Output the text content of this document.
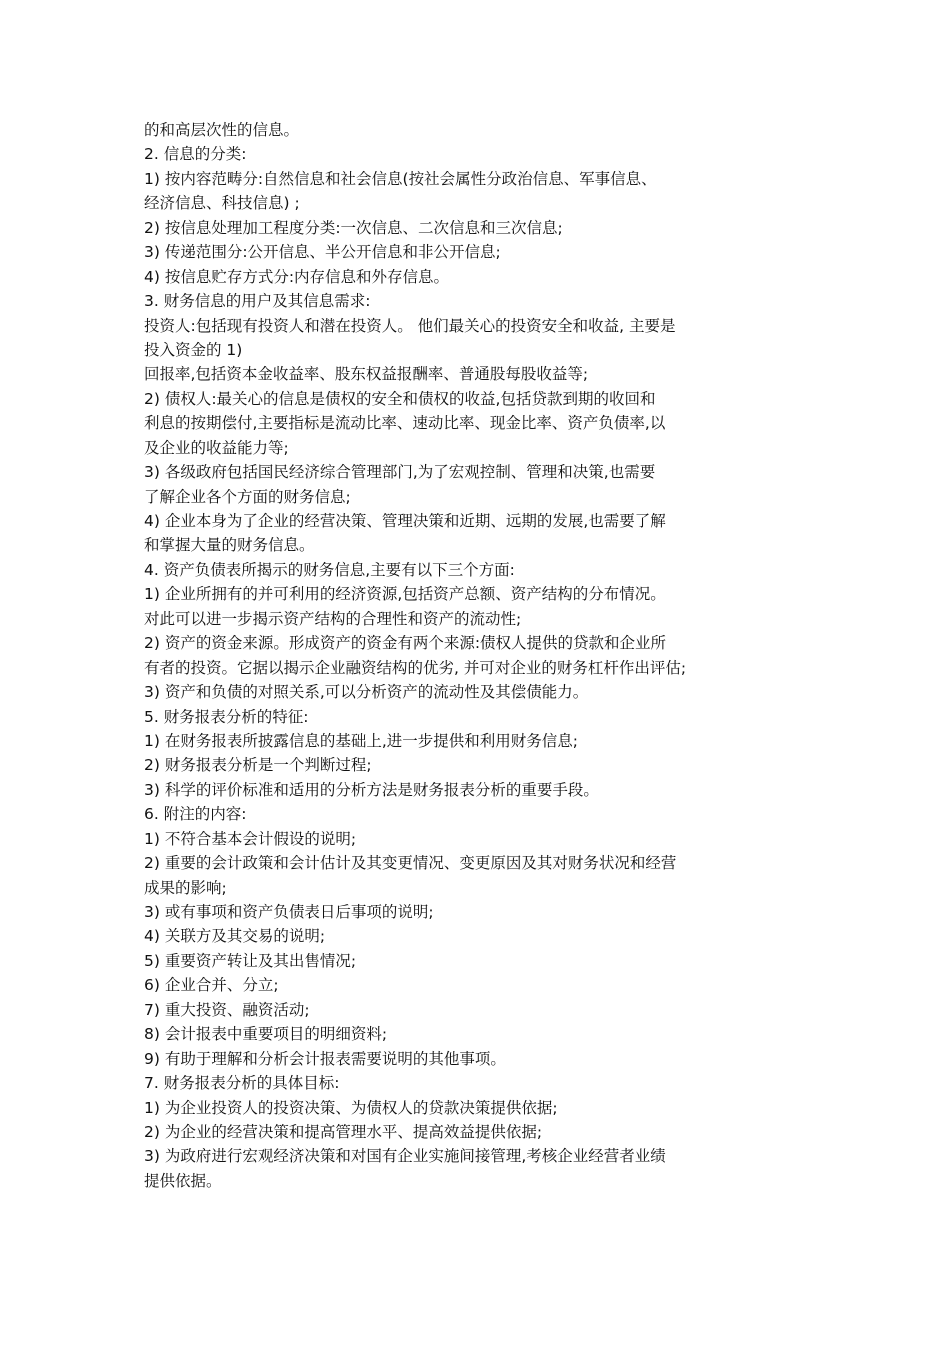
的和高层次性的信息。
2. 信息的分类:
1) 按内容范畴分:自然信息和社会信息(按社会属性分政治信息、军事信息、
经济信息、科技信息) ;
2) 按信息处理加工程度分类:一次信息、二次信息和三次信息;
3) 传递范围分:公开信息、半公开信息和非公开信息;
4) 按信息贮存方式分:内存信息和外存信息。
3. 财务信息的用户及其信息需求:
投资人:包括现有投资人和潜在投资人。 他们最关心的投资安全和收益, 主要是
投入资金的 1)
回报率,包括资本金收益率、股东权益报酬率、普通股每股收益等;
2) 债权人:最关心的信息是债权的安全和债权的收益,包括贷款到期的收回和
利息的按期偿付,主要指标是流动比率、速动比率、现金比率、资产负债率,以
及企业的收益能力等;
3) 各级政府包括国民经济综合管理部门,为了宏观控制、管理和决策,也需要
了解企业各个方面的财务信息;
4) 企业本身为了企业的经营决策、管理决策和近期、远期的发展,也需要了解
和掌握大量的财务信息。
4. 资产负债表所揭示的财务信息,主要有以下三个方面:
1) 企业所拥有的并可利用的经济资源,包括资产总额、资产结构的分布情况。
对此可以进一步揭示资产结构的合理性和资产的流动性;
2) 资产的资金来源。形成资产的资金有两个来源:债权人提供的贷款和企业所
有者的投资。它据以揭示企业融资结构的优劣, 并可对企业的财务杠杆作出评估;
3) 资产和负债的对照关系,可以分析资产的流动性及其偿债能力。
5. 财务报表分析的特征:
1) 在财务报表所披露信息的基础上,进一步提供和利用财务信息;
2) 财务报表分析是一个判断过程;
3) 科学的评价标准和适用的分析方法是财务报表分析的重要手段。
6. 附注的内容:
1) 不符合基本会计假设的说明;
2) 重要的会计政策和会计估计及其变更情况、变更原因及其对财务状况和经营
成果的影响;
3) 或有事项和资产负债表日后事项的说明;
4) 关联方及其交易的说明;
5) 重要资产转让及其出售情况;
6) 企业合并、分立;
7) 重大投资、融资活动;
8) 会计报表中重要项目的明细资料;
9) 有助于理解和分析会计报表需要说明的其他事项。
7. 财务报表分析的具体目标:
1) 为企业投资人的投资决策、为债权人的贷款决策提供依据;
2) 为企业的经营决策和提高管理水平、提高效益提供依据;
3) 为政府进行宏观经济决策和对国有企业实施间接管理,考核企业经营者业绩
提供依据。
